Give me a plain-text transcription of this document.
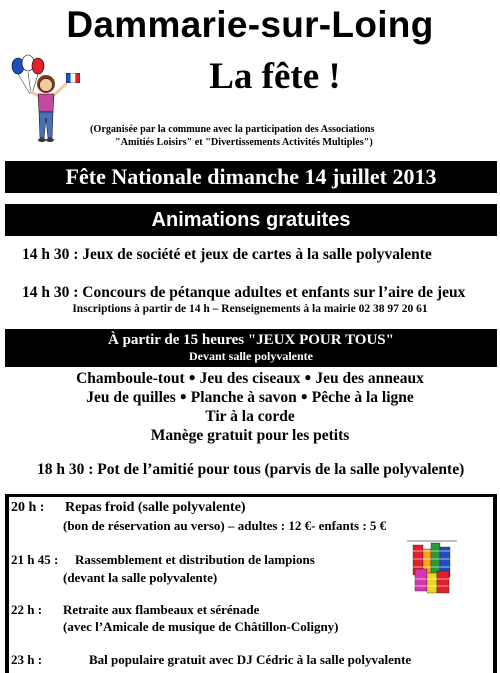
Dammarie-sur-Loing
La fête !
(Organisée par la commune avec la participation des Associations
"Amitiés Loisirs" et "Divertissements Activités Multiples")
Fête Nationale dimanche 14 juillet 2013
Animations gratuites
14 h 30 : Jeux de société et jeux de cartes à la salle polyvalente
14 h 30 : Concours de pétanque adultes et enfants sur l’aire de jeux
Inscriptions à partir de 14 h – Renseignements à la mairie 02 38 97 20 61
À partir de 15 heures "JEUX POUR TOUS"
Devant salle polyvalente
Chamboule-tout ● Jeu des ciseaux ● Jeu des anneaux
Jeu de quilles ● Planche à savon ● Pêche à la ligne
Tir à la corde
Manège gratuit pour les petits
18 h 30 : Pot de l’amitié pour tous (parvis de la salle polyvalente)
20 h : Repas froid (salle polyvalente)
(bon de réservation au verso) – adultes : 12 €- enfants : 5 €
21 h 45 : Rassemblement et distribution de lampions
(devant la salle polyvalente)
22 h : Retraite aux flambeaux et sérénade
(avec l’Amicale de musique de Châtillon-Coligny)
23 h :	Bal populaire gratuit avec DJ Cédric à la salle polyvalente
